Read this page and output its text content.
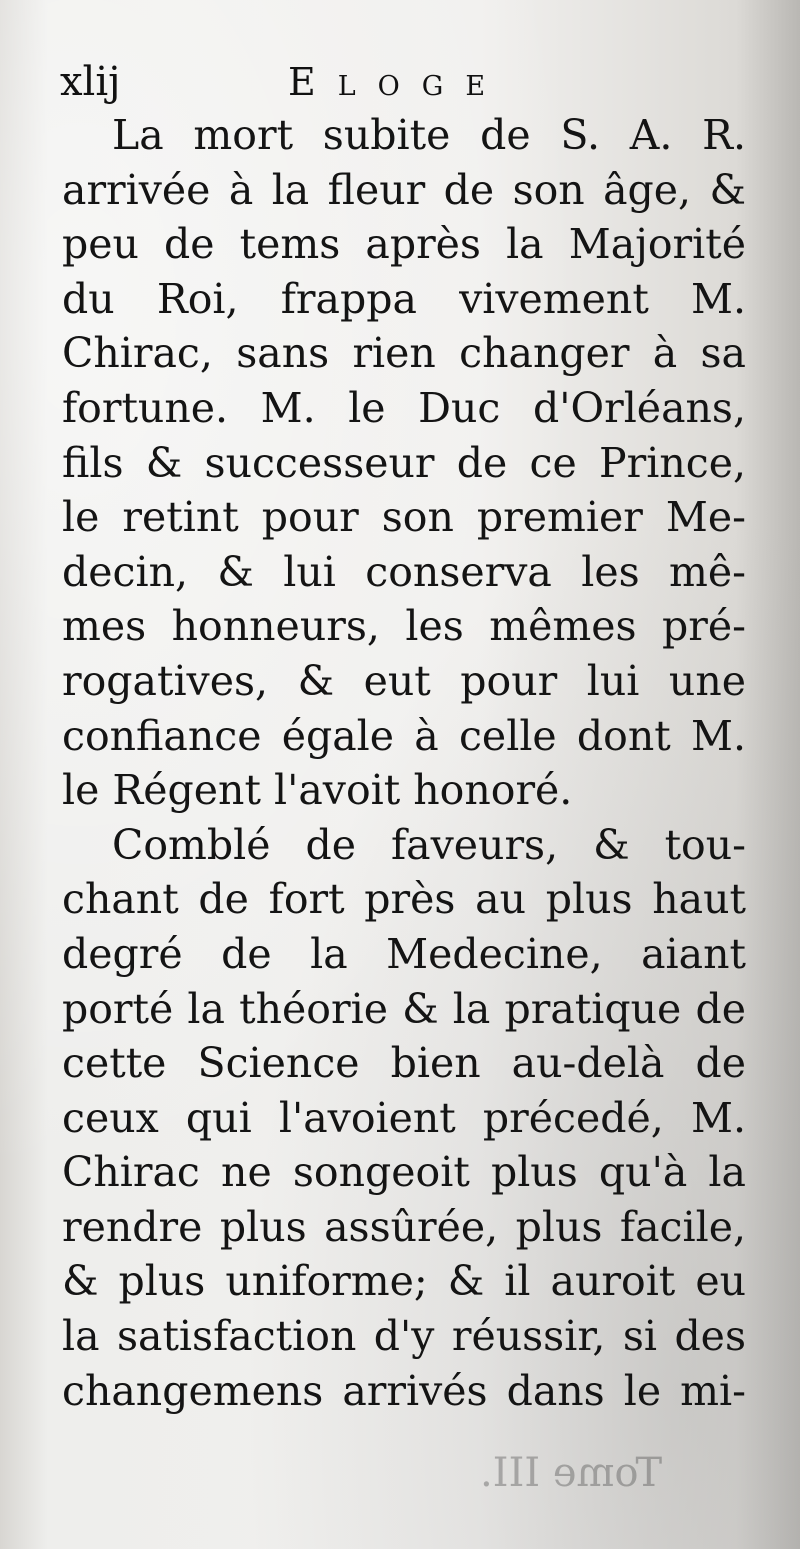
xlij	Eloge
La mort subite de S. A. R.
arrivée à la fleur de son âge, &
peu de tems après la Majorité
du Roi, frappa vivement M.
Chirac, sans rien changer à sa
fortune. M. le Duc d'Orléans,
fils & successeur de ce Prince,
le retint pour son premier Me-
decin, & lui conserva les mê-
mes honneurs, les mêmes pré-
rogatives, & eut pour lui une
confiance égale à celle dont M.
le Régent l'avoit honoré.
Comblé de faveurs, & tou-
chant de fort près au plus haut
degré de la Medecine, aiant
porté la théorie & la pratique de
cette Science bien au-delà de
ceux qui l'avoient précedé, M.
Chirac ne songeoit plus qu'à la
rendre plus assûrée, plus facile,
& plus uniforme; & il auroit eu
la satisfaction d'y réussir, si des
changemens arrivés dans le mi-
Tome III.
